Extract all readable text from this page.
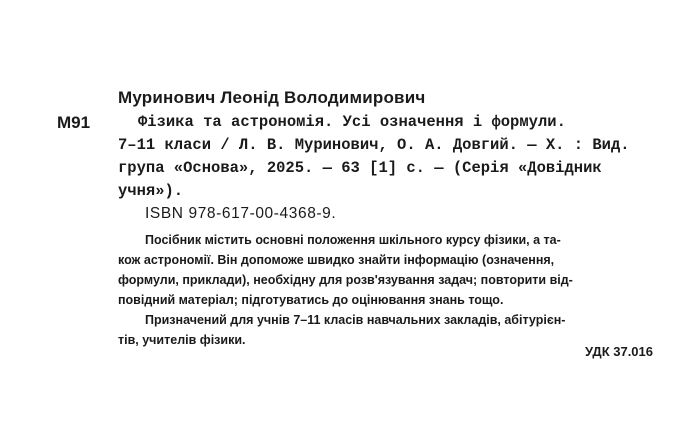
Муринович Леонід Володимирович
М91	Фізика та астрономія. Усі означення і формули.
7–11 класи / Л. В. Муринович, О. А. Довгий. — Х. : Вид.
група «Основа», 2025. — 63 [1] с. — (Серія «Довідник
учня»).
ISBN 978-617-00-4368-9.
Посібник містить основні положення шкільного курсу фізики, а та-
кож астрономії. Він допоможе швидко знайти інформацію (означення,
формули, приклади), необхідну для розв'язування задач; повторити від-
повідний матеріал; підготуватись до оцінювання знань тощо.
Призначений для учнів 7–11 класів навчальних закладів, абітурієн-
тів, учителів фізики.
УДК 37.016
